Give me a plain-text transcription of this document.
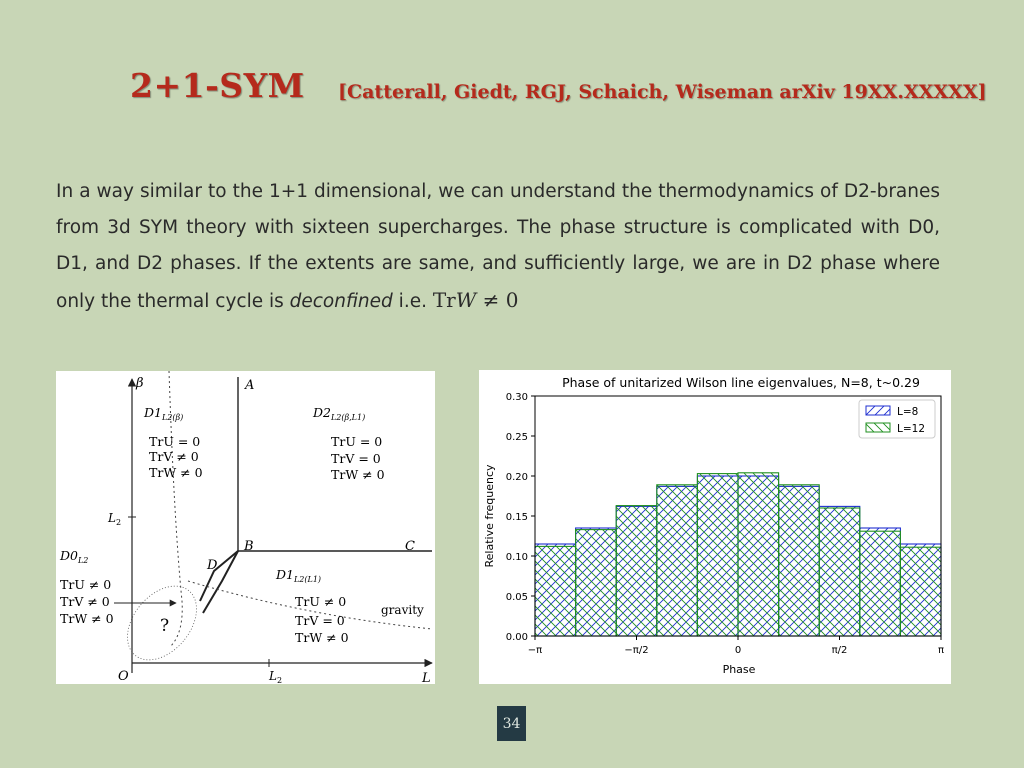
2+1-SYM [Catterall, Giedt, RGJ, Schaich, Wiseman arXiv 19XX.XXXXX]
In a way similar to the 1+1 dimensional, we can understand the thermodynamics of D2-branes from 3d SYM theory with sixteen supercharges. The phase structure is complicated with D0, D1, and D2 phases. If the extents are same, and sufficiently large, we are in D2 phase where only the thermal cycle is deconfined i.e. TrW ≠ 0
β
L
O	$L_2$
$L_2$
A
B	C
D
?
gravity
$D1_{L2(\beta)}$
TrU = 0
TrV ≠ 0
TrW ≠ 0
$D2_{L2(\beta,L1)}$
TrU = 0
TrV = 0
TrW ≠ 0
$D0_{L2}$
TrU ≠ 0
TrV ≠ 0
TrW ≠ 0
$D1_{L2(L1)}$
TrU ≠ 0
TrV = 0
TrW ≠ 0
Phase of unitarized Wilson line eigenvalues, N=8, t~0.29
Phase
Relative frequency
0.00
0.05
0.10
0.15
0.20
0.25
0.30
−π	−π/2	0	π/2	π
L=8
L=12
34
